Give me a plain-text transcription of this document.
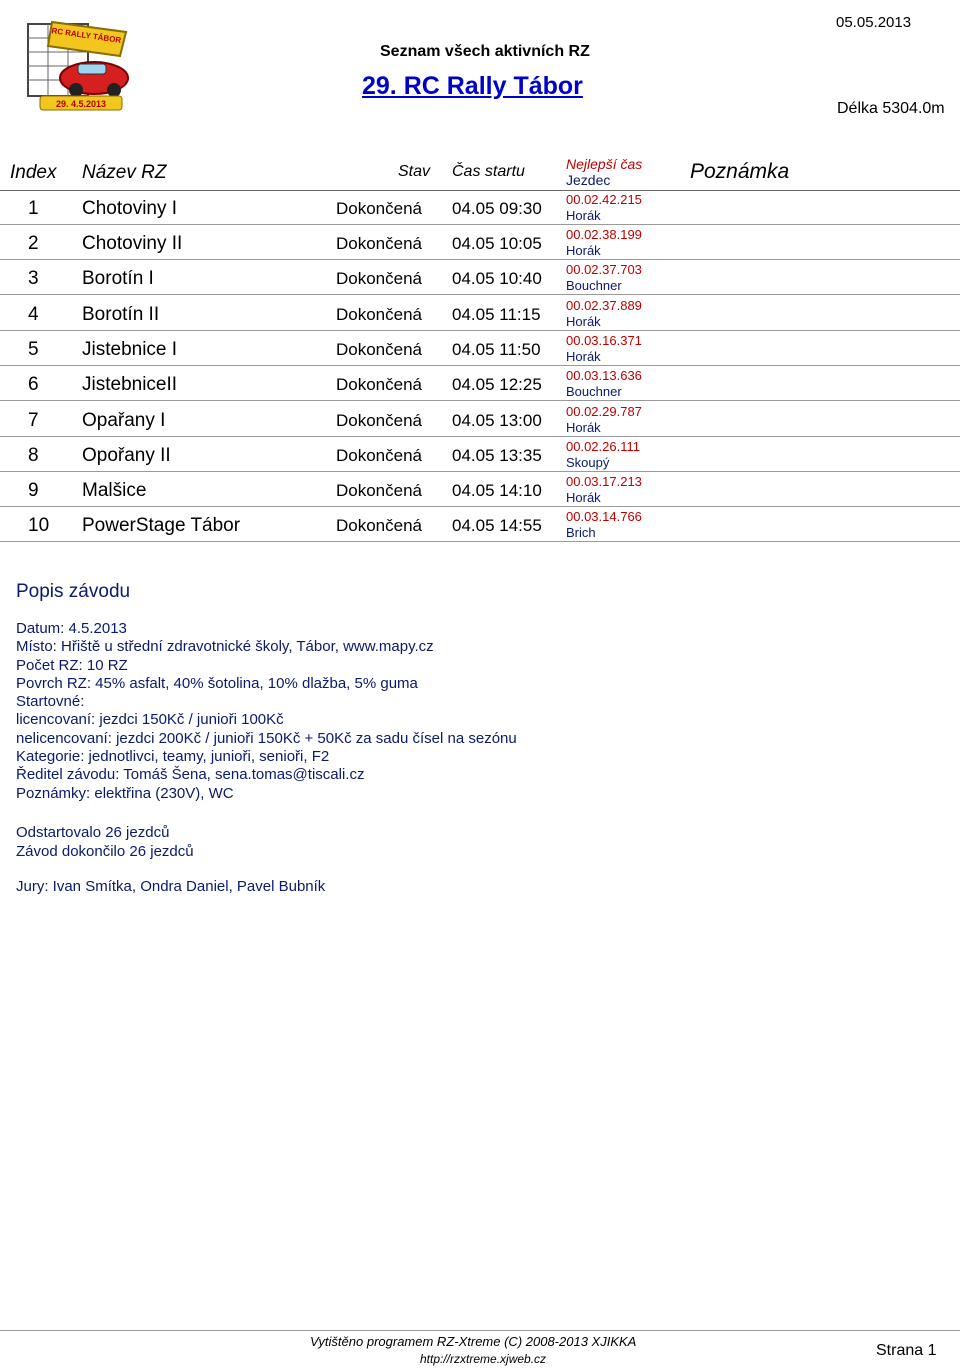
RC RALLY TÁBOR
29. 4.5.2013
05.05.2013
Seznam všech aktivních RZ
29. RC Rally Tábor
Délka 5304.0m
Index Název RZ	Stav Čas startu	Nejlepší čas
Jezdec	Poznámka
1 Chotoviny I	Dokončená 04.05 09:30 00.02.42.215
Horák
2 Chotoviny II	Dokončená 04.05 10:05 00.02.38.199
Horák
3 Borotín I	Dokončená 04.05 10:40 00.02.37.703
Bouchner
4 Borotín II	Dokončená 04.05 11:15 00.02.37.889
Horák
5 Jistebnice I	Dokončená 04.05 11:50 00.03.16.371
Horák
6 JistebniceII	Dokončená 04.05 12:25 00.03.13.636
Bouchner
7 Opařany I	Dokončená 04.05 13:00 00.02.29.787
Horák
8 Opořany II	Dokončená 04.05 13:35 00.02.26.111
Skoupý
9 Malšice	Dokončená 04.05 14:10 00.03.17.213
Horák
10 PowerStage Tábor	Dokončená 04.05 14:55 00.03.14.766
Brich
Popis závodu
Datum: 4.5.2013
Místo: Hřiště u střední zdravotnické školy, Tábor, www.mapy.cz
Počet RZ: 10 RZ
Povrch RZ: 45% asfalt, 40% šotolina, 10% dlažba, 5% guma
Startovné:
licencovaní: jezdci 150Kč / junioři 100Kč
nelicencovaní: jezdci 200Kč / junioři 150Kč + 50Kč za sadu čísel na sezónu
Kategorie: jednotlivci, teamy, junioři, senioři, F2
Ředitel závodu: Tomáš Šena, sena.tomas@tiscali.cz
Poznámky: elektřina (230V), WC
Odstartovalo 26 jezdců
Závod dokončilo 26 jezdců
Jury: Ivan Smítka, Ondra Daniel, Pavel Bubník
Vytištěno programem RZ-Xtreme (C) 2008-2013 XJIKKA
http://rzxtreme.xjweb.cz	Strana 1
